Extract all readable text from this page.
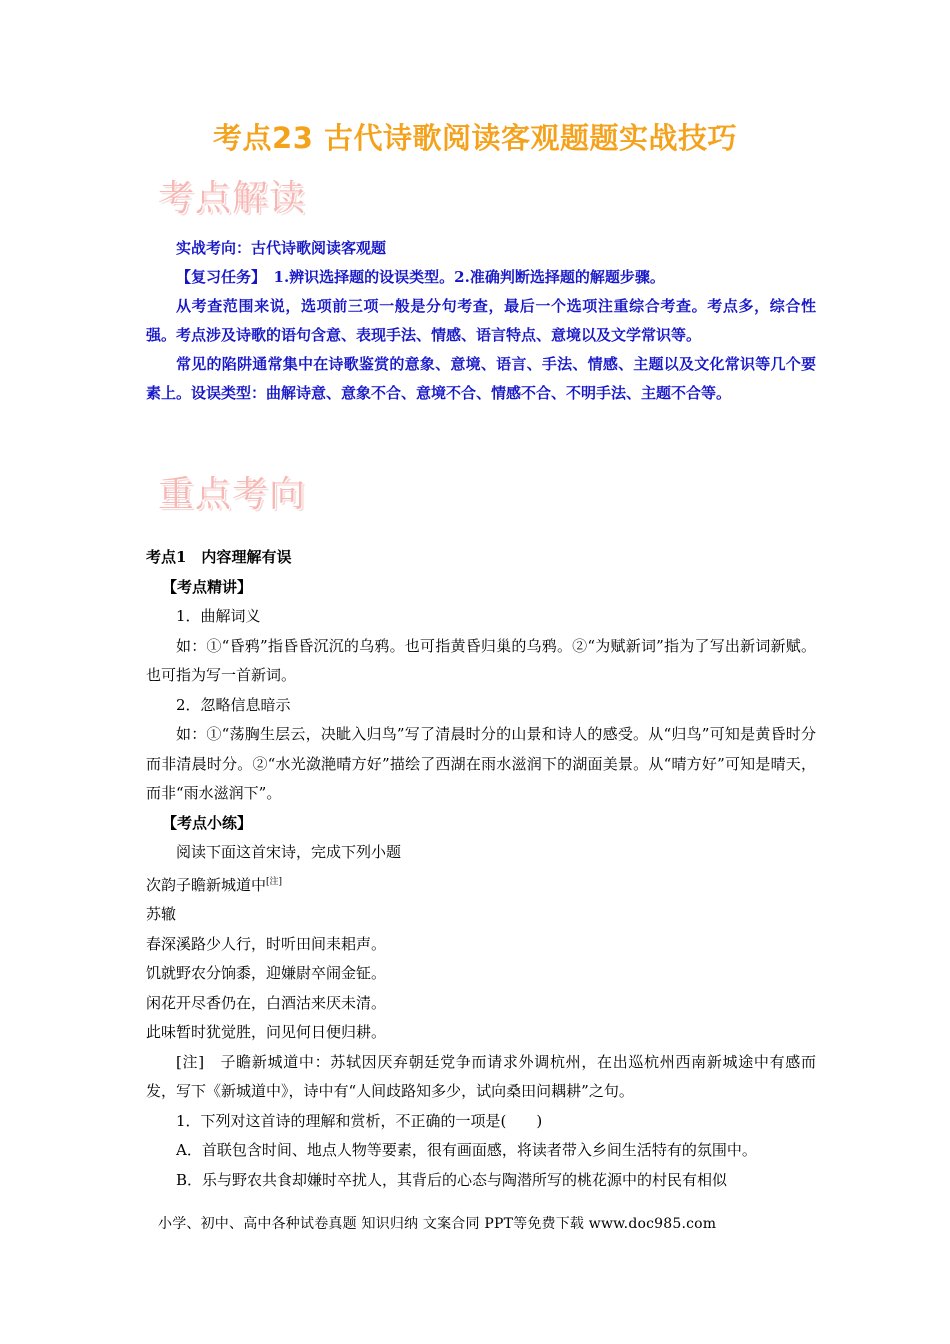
考点23 古代诗歌阅读客观题题实战技巧
考点解读

实战考向：古代诗歌阅读客观题

【复习任务】　1.辨识选择题的设误类型。2.准确判断选择题的解题步骤。

从考查范围来说，选项前三项一般是分句考查，最后一个选项注重综合考查。考点多，综合性强。考点涉及诗歌的语句含意、表现手法、情感、语言特点、意境以及文学常识等。

常见的陷阱通常集中在诗歌鉴赏的意象、意境、语言、手法、情感、主题以及文化常识等几个要素上。设误类型：曲解诗意、意象不合、意境不合、情感不合、不明手法、主题不合等。

重点考向

考点1　内容理解有误

【考点精讲】

1．曲解词义

如：①“昏鸦”指昏昏沉沉的乌鸦。也可指黄昏归巢的乌鸦。②“为赋新词”指为了写出新词新赋。也可指为写一首新词。

2．忽略信息暗示

如：①“荡胸生层云，决眦入归鸟”写了清晨时分的山景和诗人的感受。从“归鸟”可知是黄昏时分而非清晨时分。②“水光潋滟晴方好”描绘了西湖在雨水滋润下的湖面美景。从“晴方好”可知是晴天，而非“雨水滋润下”。

【考点小练】

阅读下面这首宋诗，完成下列小题

次韵子瞻新城道中[注]

苏辙

春深溪路少人行，时听田间耒耜声。

饥就野农分饷黍，迎嫌尉卒闹金钲。

闲花开尽香仍在，白酒沽来厌未清。

此味暂时犹觉胜，问见何日便归耕。

[注]　子瞻新城道中：苏轼因厌弃朝廷党争而请求外调杭州，在出巡杭州西南新城途中有感而发，写下《新城道中》，诗中有“人间歧路知多少，试向桑田问耦耕”之句。

1．下列对这首诗的理解和赏析，不正确的一项是(　　)

A．首联包含时间、地点人物等要素，很有画面感，将读者带入乡间生活特有的氛围中。

B．乐与野农共食却嫌时卒扰人，其背后的心态与陶潜所写的桃花源中的村民有相似

小学、初中、高中各种试卷真题 知识归纳 文案合同 PPT等免费下载 www.doc985.com
